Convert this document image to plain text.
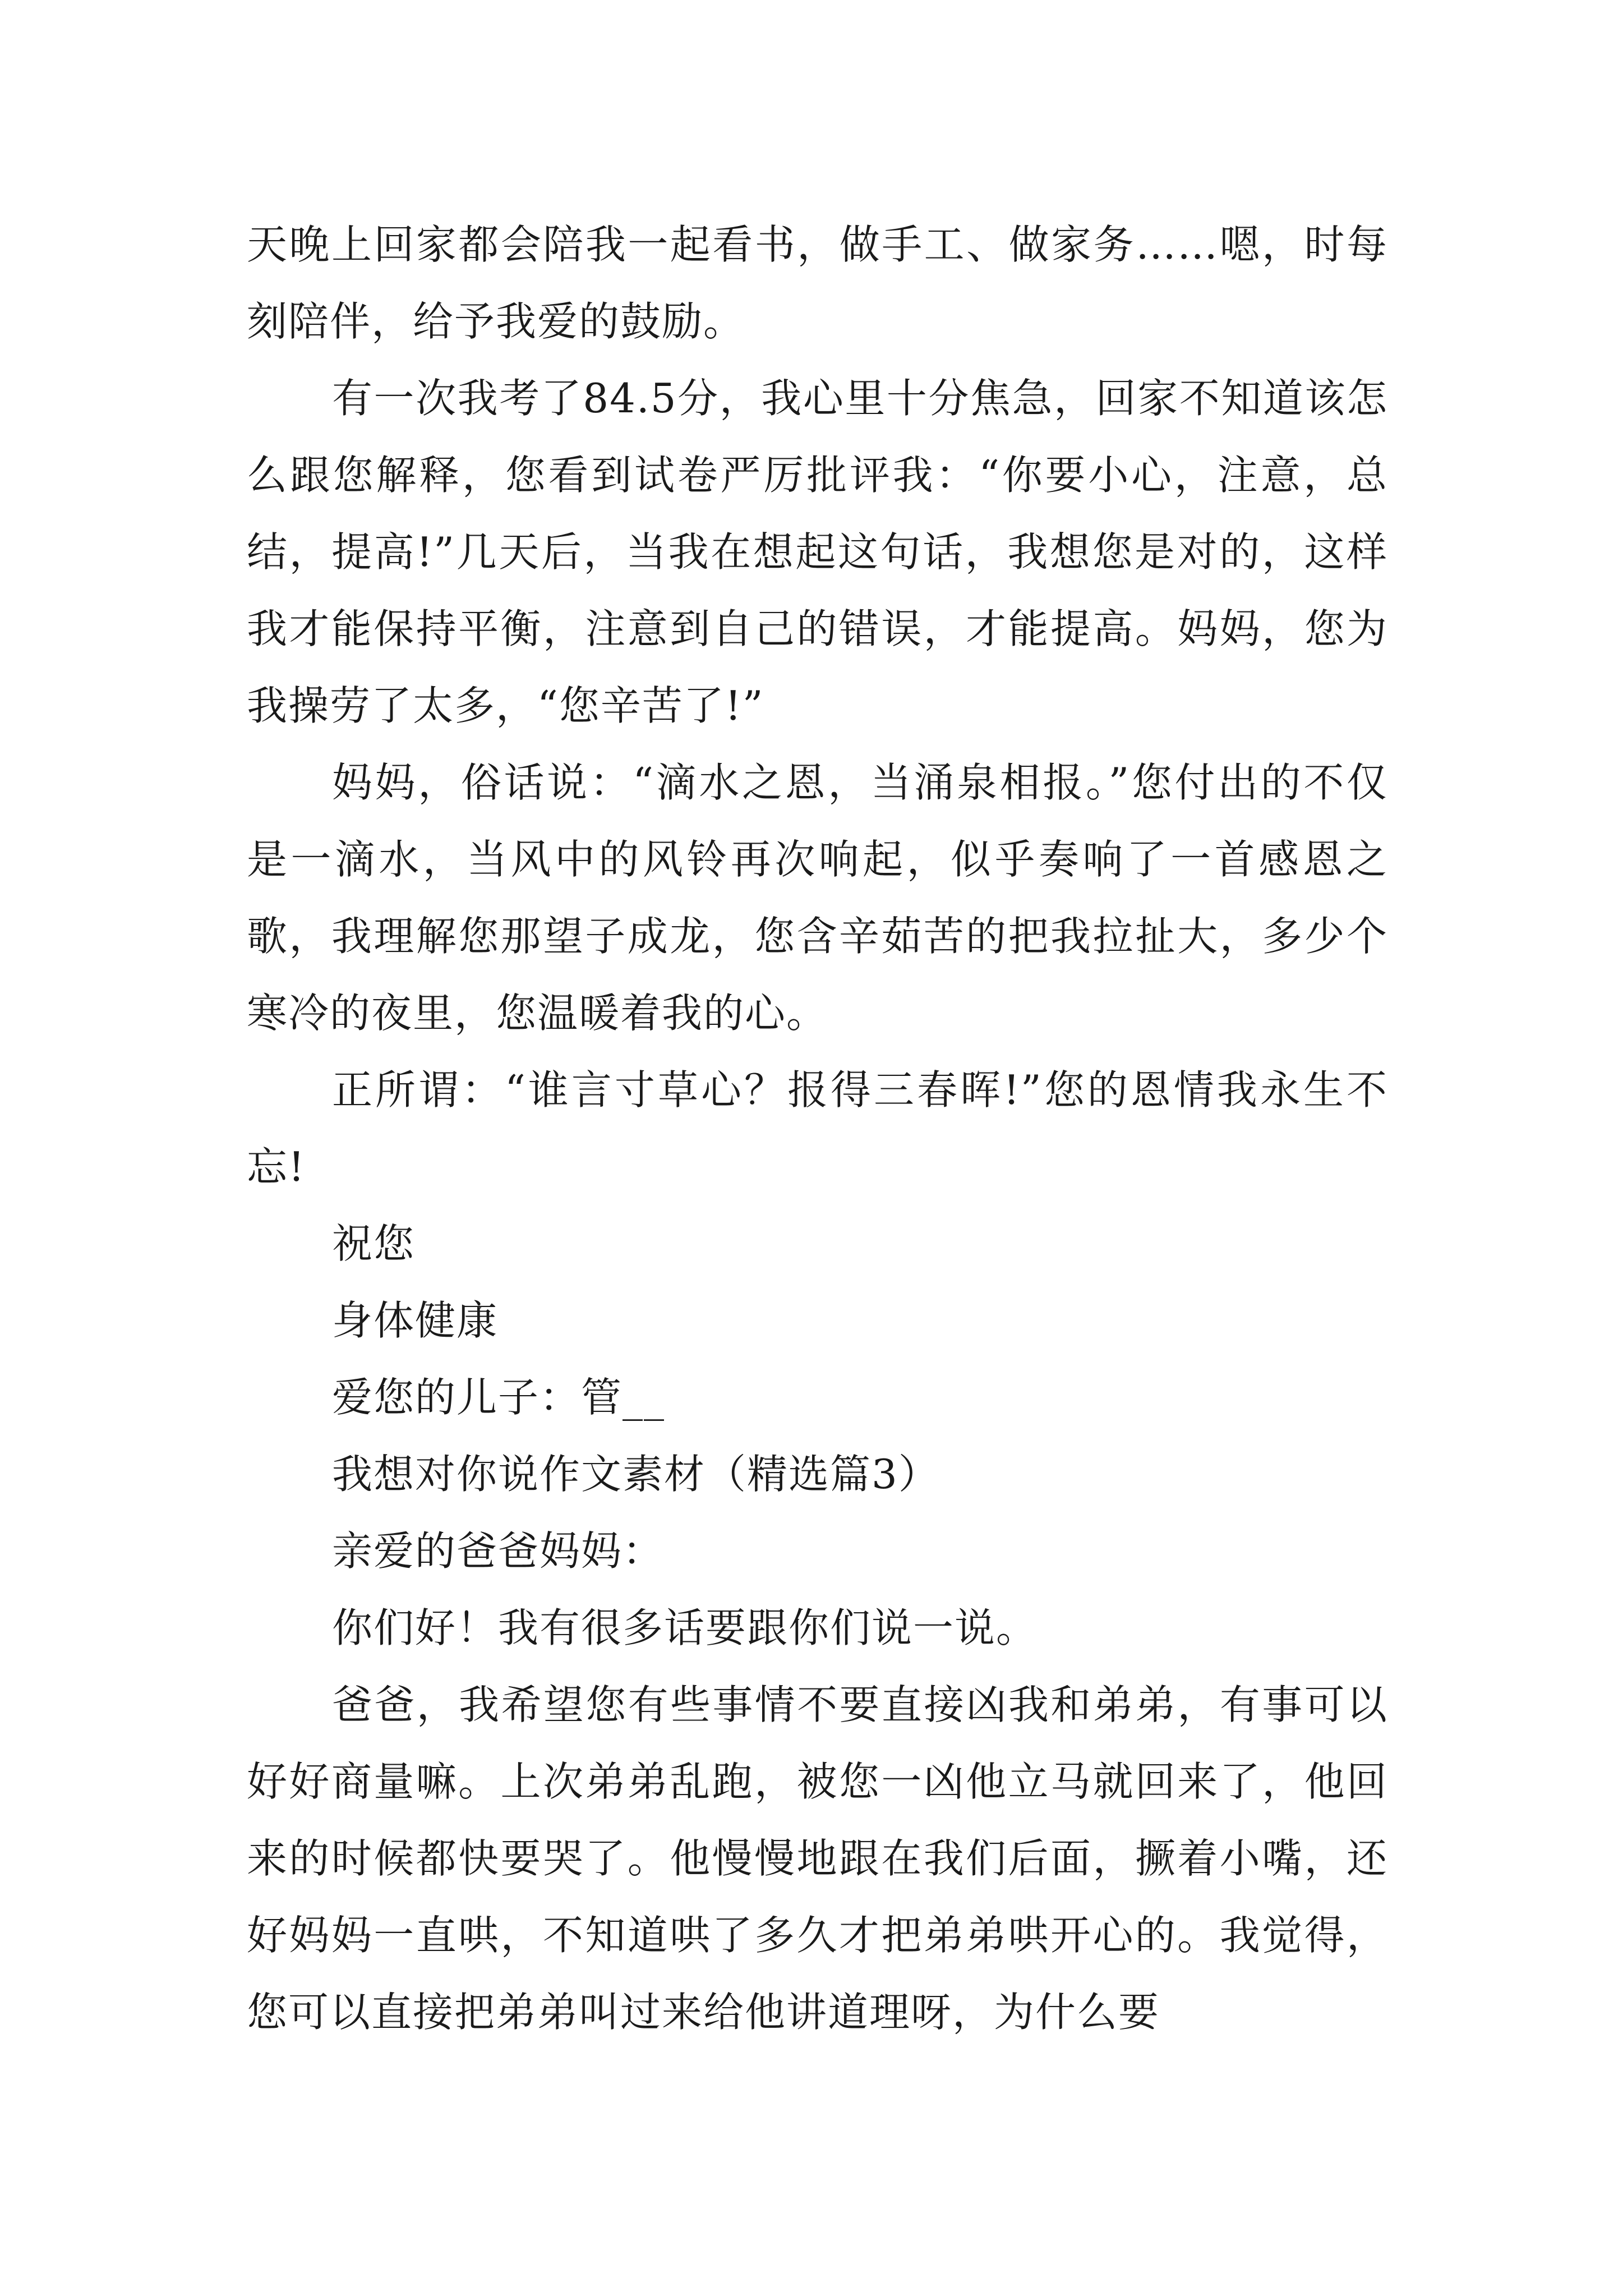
天晚上回家都会陪我一起看书，做手工、做家务……嗯，时每刻陪伴，给予我爱的鼓励。

有一次我考了84.5分，我心里十分焦急，回家不知道该怎么跟您解释，您看到试卷严厉批评我：“你要小心，注意，总结，提高!”几天后，当我在想起这句话，我想您是对的，这样我才能保持平衡，注意到自己的错误，才能提高。妈妈，您为我操劳了太多，“您辛苦了!”

妈妈，俗话说：“滴水之恩，当涌泉相报。”您付出的不仅是一滴水，当风中的风铃再次响起，似乎奏响了一首感恩之歌，我理解您那望子成龙，您含辛茹苦的把我拉扯大，多少个寒冷的夜里，您温暖着我的心。

正所谓：“谁言寸草心？报得三春晖!”您的恩情我永生不忘!

祝您

身体健康

爱您的儿子：管__

我想对你说作文素材（精选篇3）

亲爱的爸爸妈妈：

你们好！我有很多话要跟你们说一说。

爸爸，我希望您有些事情不要直接凶我和弟弟，有事可以好好商量嘛。上次弟弟乱跑，被您一凶他立马就回来了，他回来的时候都快要哭了。他慢慢地跟在我们后面，撅着小嘴，还好妈妈一直哄，不知道哄了多久才把弟弟哄开心的。我觉得，您可以直接把弟弟叫过来给他讲道理呀，为什么要
